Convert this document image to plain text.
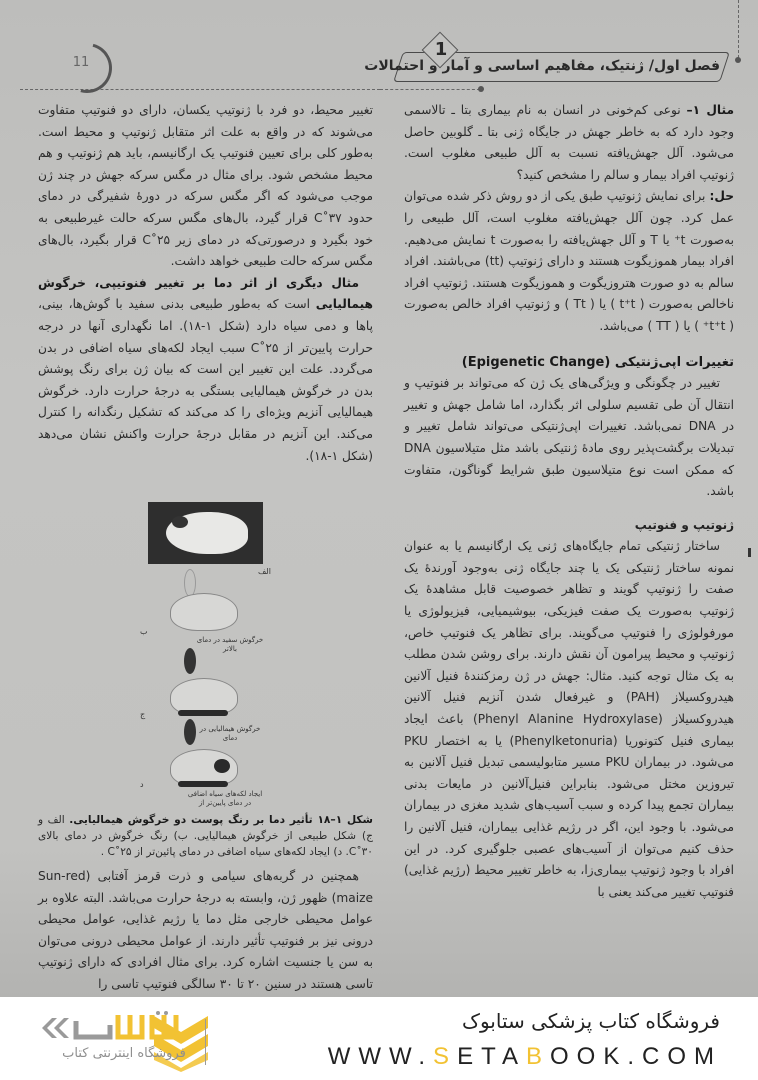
1
فصل اول/ ژنتیک، مفاهیم اساسی و آمار و احتمالات
11

مثال ۱– نوعی کم‌خونی در انسان به نام بیماری بتا ـ تالاسمی وجود دارد که به خاطر جهش در جایگاه ژنی بتا ـ گلوبین حاصل می‌شود. آلل جهش‌یافته نسبت به آلل طبیعی مغلوب است. ژنوتیپ افراد بیمار و سالم را مشخص کنید؟

حل: برای نمایش ژنوتیپ طبق یکی از دو روش ذکر شده می‌توان عمل کرد. چون آلل جهش‌یافته مغلوب است، آلل طبیعی را به‌صورت t⁺ یا T و آلل جهش‌یافته را به‌صورت t نمایش می‌دهیم. افراد بیمار هموزیگوت هستند و دارای ژنوتیپ (tt) می‌باشند. افراد سالم به دو صورت هتروزیگوت و هموزیگوت هستند. ژنوتیپ افراد ناخالص به‌صورت ( t⁺t ) یا ( Tt ) و ژنوتیپ افراد خالص به‌صورت ( t⁺t⁺ ) یا ( TT ) می‌باشد.

تغییرات اپی‌ژنتیکی (Epigenetic Change)

تغییر در چگونگی و ویژگی‌های یک ژن که می‌تواند بر فنوتیپ و انتقال آن طی تقسیم سلولی اثر بگذارد، اما شامل جهش و تغییر در DNA نمی‌باشد. تغییرات اپی‌ژنتیکی می‌تواند شامل تغییر و تبدیلات برگشت‌پذیر روی مادهٔ ژنتیکی باشد مثل متیلاسیون DNA که ممکن است نوع متیلاسیون طبق شرایط گوناگون، متفاوت باشد.

ژنوتیپ و فنوتیپ

ساختار ژنتیکی تمام جایگاه‌های ژنی یک ارگانیسم یا به عنوان نمونه ساختار ژنتیکی یک یا چند جایگاه ژنی به‌وجود آورندهٔ یک صفت را ژنوتیپ گویند و تظاهر خصوصیت قابل مشاهدهٔ یک ژنوتیپ به‌صورت یک صفت فیزیکی، بیوشیمیایی، فیزیولوژی یا مورفولوژی را فنوتیپ می‌گویند. برای تظاهر یک فنوتیپ خاص، ژنوتیپ و محیط پیرامون آن نقش دارند. برای روشن شدن مطلب به یک مثال توجه کنید. مثال: جهش در ژن رمزکنندهٔ فنیل آلانین هیدروکسیلاز (PAH) و غیرفعال شدن آنزیم فنیل آلانین هیدروکسیلاز (Phenyl Alanine Hydroxylase) باعث ایجاد بیماری فنیل کتونوریا (Phenylketonuria) یا به اختصار PKU می‌شود. در بیماران PKU مسیر متابولیسمی تبدیل فنیل آلانین به تیروزین مختل می‌شود. بنابراین فنیل‌آلانین در مایعات بدنی بیماران تجمع پیدا کرده و سبب آسیب‌های شدید مغزی در بیماران می‌شود. با وجود این، اگر در رژیم غذایی بیماران، فنیل آلانین را حذف کنیم می‌توان از آسیب‌های عصبی جلوگیری کرد. در این افراد با وجود ژنوتیپ بیماری‌زا، به خاطر تغییر محیط (رژیم غذایی) فنوتیپ تغییر می‌کند یعنی با

تغییر محیط، دو فرد با ژنوتیپ یکسان، دارای دو فنوتیپ متفاوت می‌شوند که در واقع به علت اثر متقابل ژنوتیپ و محیط است. به‌طور کلی برای تعیین فنوتیپ یک ارگانیسم، باید هم ژنوتیپ و هم محیط مشخص شود. برای مثال در مگس سرکه جهش در چند ژن موجب می‌شود که اگر مگس سرکه در دورهٔ شفیرگی در دمای حدود ۳۷˚C قرار گیرد، بال‌های مگس سرکه حالت غیرطبیعی به خود بگیرد و درصورتی‌که در دمای زیر ۲۵˚C قرار بگیرد، بال‌های مگس سرکه حالت طبیعی خواهد داشت.

مثال دیگری از اثر دما بر تغییر فنوتیپی، خرگوش هیمالیایی است که به‌طور طبیعی بدنی سفید با گوش‌ها، بینی، پاها و دمی سیاه دارد (شکل ۱-۱۸). اما نگهداری آنها در درجه حرارت پایین‌تر از ۲۵˚C سبب ایجاد لکه‌های سیاه اضافی در بدن می‌گردد. علت این تغییر این است که بیان ژن برای رنگ پوشش بدن در خرگوش هیمالیایی بستگی به درجهٔ حرارت دارد. خرگوش هیمالیایی آنزیم ویژه‌ای را کد می‌کند که تشکیل رنگدانه را کنترل می‌کند. این آنزیم در مقابل درجهٔ حرارت واکنش نشان می‌دهد (شکل ۱-۱۸).

الف
ب
خرگوش سفید در دمای بالاتر
ج
خرگوش هیمالیایی در دمای
د
ایجاد لکه‌های سیاه اضافی در دمای پایین‌تر از
شکل ۱–۱۸ تأثیر دما بر رنگ پوست دو خرگوش هیمالیایی. الف و ج) شکل طبیعی از خرگوش هیمالیایی. ب) رنگ خرگوش در دمای بالای ۳۰˚C. د) ایجاد لکه‌های سیاه اضافی در دمای پائین‌تر از ۲۵˚C .
همچنین در گربه‌های سیامی و ذرت قرمز آفتابی (Sun-red maize) ظهور ژن، وابسته به درجهٔ حرارت می‌باشد. البته علاوه بر عوامل محیطی خارجی مثل دما یا رژیم غذایی، عوامل محیطی درونی نیز بر فنوتیپ تأثیر دارند. از عوامل محیطی درونی می‌توان به سن یا جنسیت اشاره کرد. برای مثال افرادی که دارای ژنوتیپ تاسی هستند در سنین ۲۰ تا ۳۰ سالگی فنوتیپ تاسی را
فروشگاه کتاب پزشکی ستابوک
WWW.SETABOOK.COM
فروشگاه اینترنتی کتاب
